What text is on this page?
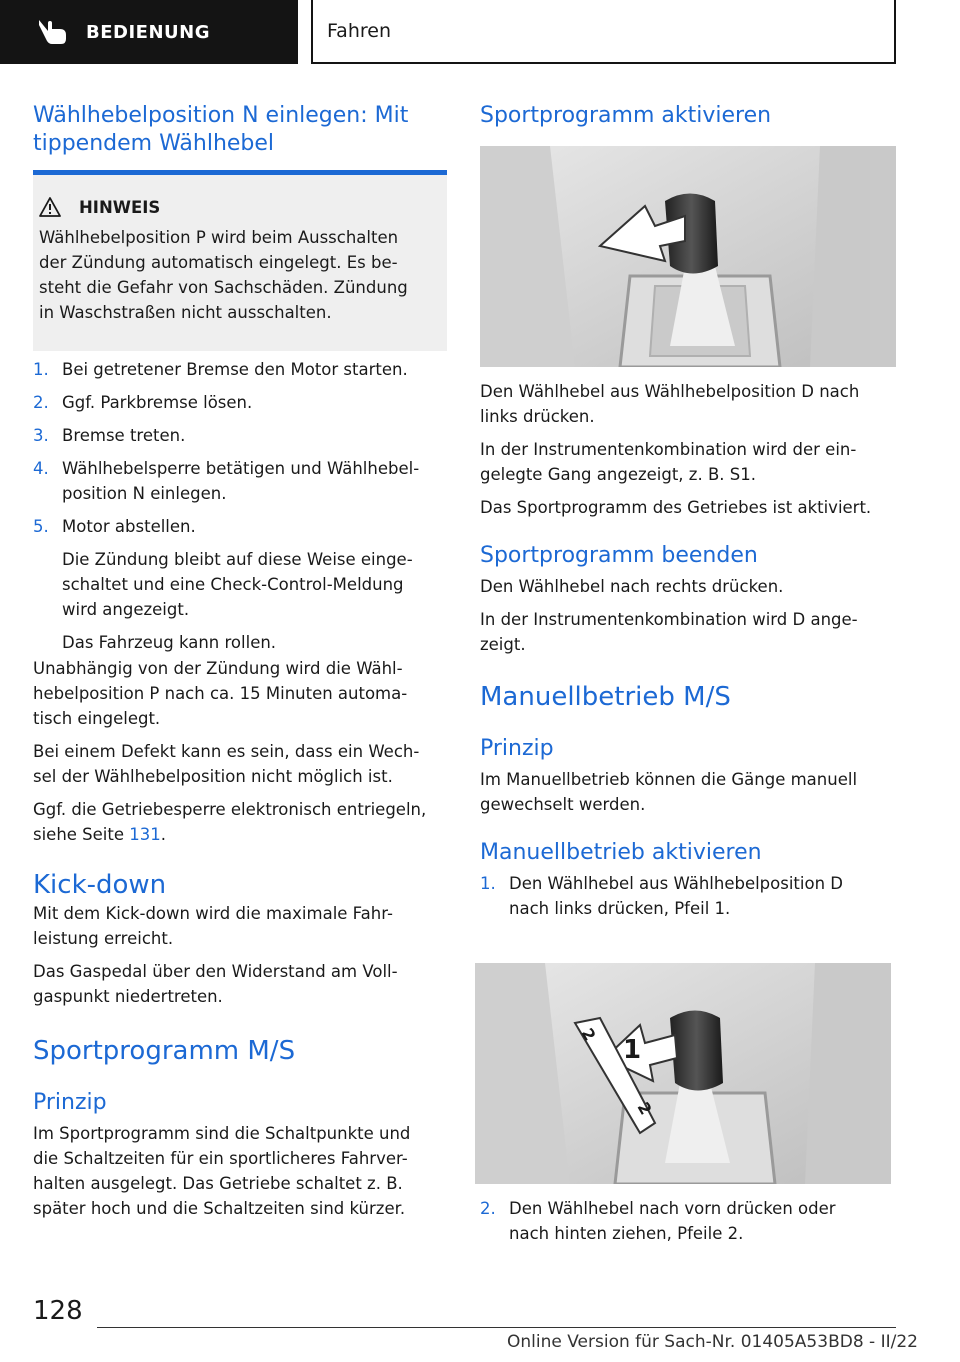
BEDIENUNG	Fahren
Wählhebelposition N einlegen: Mit tippendem Wählhebel
HINWEIS
Wählhebelposition P wird beim Ausschalten
der Zündung automatisch eingelegt. Es be-
steht die Gefahr von Sachschäden. Zündung
in Waschstraßen nicht ausschalten.
1. Bei getretener Bremse den Motor starten.
2. Ggf. Parkbremse lösen.
3. Bremse treten.
4. Wählhebelsperre betätigen und Wählhebel-
position N einlegen.
5. Motor abstellen.
Die Zündung bleibt auf diese Weise einge-
schaltet und eine Check-Control-Meldung
wird angezeigt.
Das Fahrzeug kann rollen.
Unabhängig von der Zündung wird die Wähl-
hebelposition P nach ca. 15 Minuten automa-
tisch eingelegt.
Bei einem Defekt kann es sein, dass ein Wech-
sel der Wählhebelposition nicht möglich ist.
Ggf. die Getriebesperre elektronisch entriegeln,
siehe Seite 131.
Kick-down
Mit dem Kick-down wird die maximale Fahr-
leistung erreicht.
Das Gaspedal über den Widerstand am Voll-
gaspunkt niedertreten.
Sportprogramm M/S
Prinzip
Im Sportprogramm sind die Schaltpunkte und
die Schaltzeiten für ein sportlicheres Fahrver-
halten ausgelegt. Das Getriebe schaltet z. B.
später hoch und die Schaltzeiten sind kürzer.
Sportprogramm aktivieren
Den Wählhebel aus Wählhebelposition D nach
links drücken.
In der Instrumentenkombination wird der ein-
gelegte Gang angezeigt, z. B. S1.
Das Sportprogramm des Getriebes ist aktiviert.
Sportprogramm beenden
Den Wählhebel nach rechts drücken.
In der Instrumentenkombination wird D ange-
zeigt.
Manuellbetrieb M/S
Prinzip
Im Manuellbetrieb können die Gänge manuell
gewechselt werden.
Manuellbetrieb aktivieren
1. Den Wählhebel aus Wählhebelposition D
nach links drücken, Pfeil 1.
1
2
2
2. Den Wählhebel nach vorn drücken oder
nach hinten ziehen, Pfeile 2.
128
Online Version für Sach-Nr. 01405A53BD8 - II/22
